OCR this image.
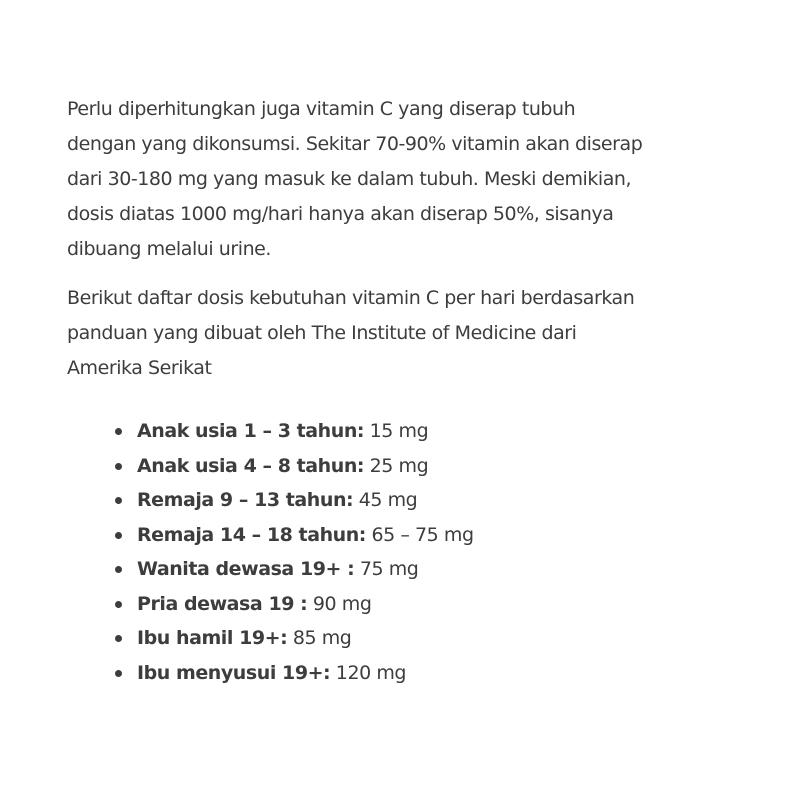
Perlu diperhitungkan juga vitamin C yang diserap tubuh
dengan yang dikonsumsi. Sekitar 70-90% vitamin akan diserap
dari 30-180 mg yang masuk ke dalam tubuh. Meski demikian,
dosis diatas 1000 mg/hari hanya akan diserap 50%, sisanya
dibuang melalui urine.

Berikut daftar dosis kebutuhan vitamin C per hari berdasarkan
panduan yang dibuat oleh The Institute of Medicine dari
Amerika Serikat

Anak usia 1 – 3 tahun: 15 mg
Anak usia 4 – 8 tahun: 25 mg
Remaja 9 – 13 tahun: 45 mg
Remaja 14 – 18 tahun: 65 – 75 mg
Wanita dewasa 19+ : 75 mg
Pria dewasa 19 : 90 mg
Ibu hamil 19+: 85 mg
Ibu menyusui 19+: 120 mg
